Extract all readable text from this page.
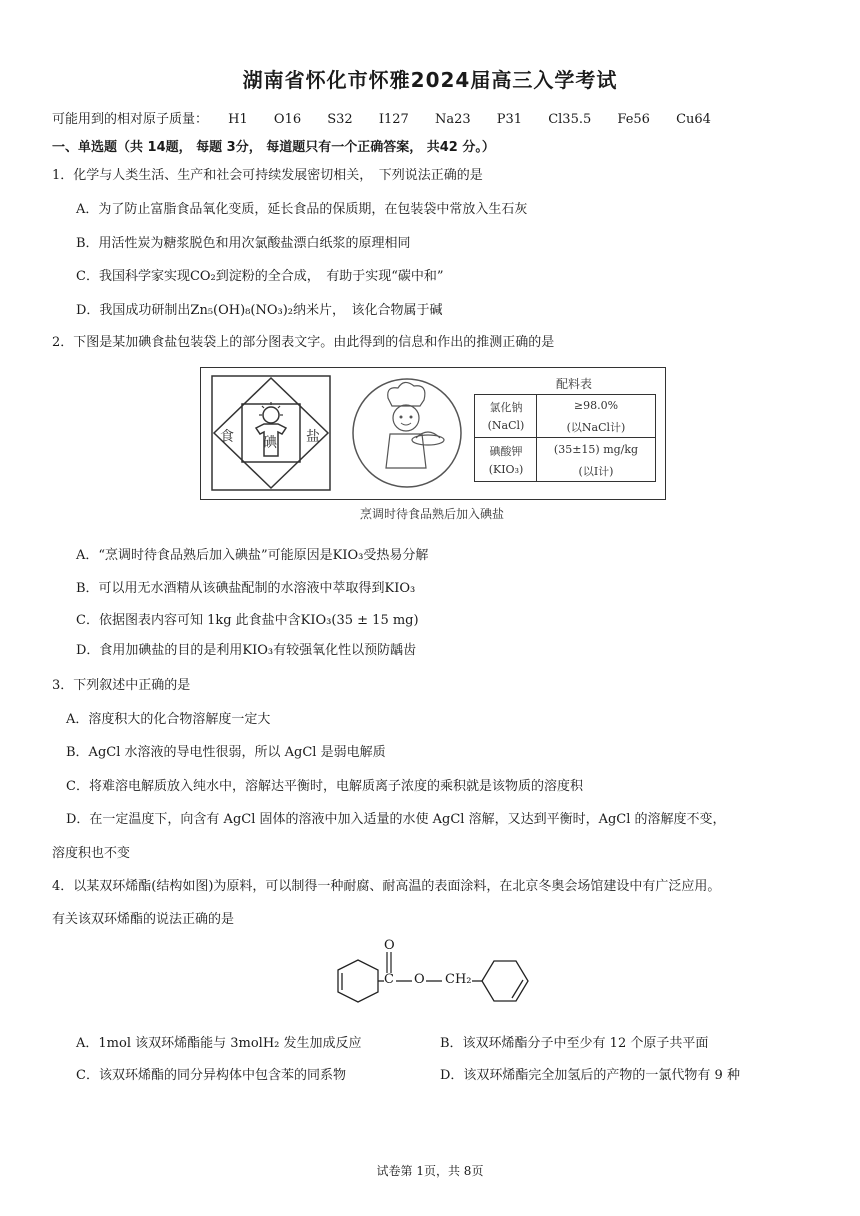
湖南省怀化市怀雅2024届高三入学考试
可能用到的相对原子质量： H1 O16 S32 I127 Na23 P31 Cl35.5 Fe56 Cu64
一、单选题（共 14题， 每题 3分， 每道题只有一个正确答案， 共42 分。）
1．化学与人类生活、生产和社会可持续发展密切相关，　下列说法正确的是
A．为了防止富脂食品氧化变质，延长食品的保质期，在包装袋中常放入生石灰
B．用活性炭为糖浆脱色和用次氯酸盐漂白纸浆的原理相同
C．我国科学家实现CO₂到淀粉的全合成，　有助于实现“碳中和”
D．我国成功研制出Zn₅(OH)₈(NO₃)₂纳米片，　该化合物属于碱
2．下图是某加碘食盐包装袋上的部分图表文字。由此得到的信息和作出的推测正确的是
食 碘 盐
配料表
氯化钠
(NaCl)
≥98.0%
(以NaCl计)
碘酸钾
(KIO₃)
(35±15) mg/kg
(以I计)
烹调时待食品熟后加入碘盐
A．“烹调时待食品熟后加入碘盐”可能原因是KIO₃受热易分解
B．可以用无水酒精从该碘盐配制的水溶液中萃取得到KIO₃
C．依据图表内容可知 1kg 此食盐中含KIO₃(35 ± 15 mg)
D．食用加碘盐的目的是利用KIO₃有较强氧化性以预防龋齿
3．下列叙述中正确的是
A．溶度积大的化合物溶解度一定大
B．AgCl 水溶液的导电性很弱，所以 AgCl 是弱电解质
C．将难溶电解质放入纯水中，溶解达平衡时，电解质离子浓度的乘积就是该物质的溶度积
D．在一定温度下，向含有 AgCl 固体的溶液中加入适量的水使 AgCl 溶解，又达到平衡时，AgCl 的溶解度不变，
溶度积也不变
4．以某双环烯酯(结构如图)为原料，可以制得一种耐腐、耐高温的表面涂料，在北京冬奥会场馆建设中有广泛应用。
有关该双环烯酯的说法正确的是
O
C O CH₂
A．1mol 该双环烯酯能与 3molH₂ 发生加成反应	B．该双环烯酯分子中至少有 12 个原子共平面
C．该双环烯酯的同分异构体中包含苯的同系物	D．该双环烯酯完全加氢后的产物的一氯代物有 9 种
试卷第 1页，共 8页
